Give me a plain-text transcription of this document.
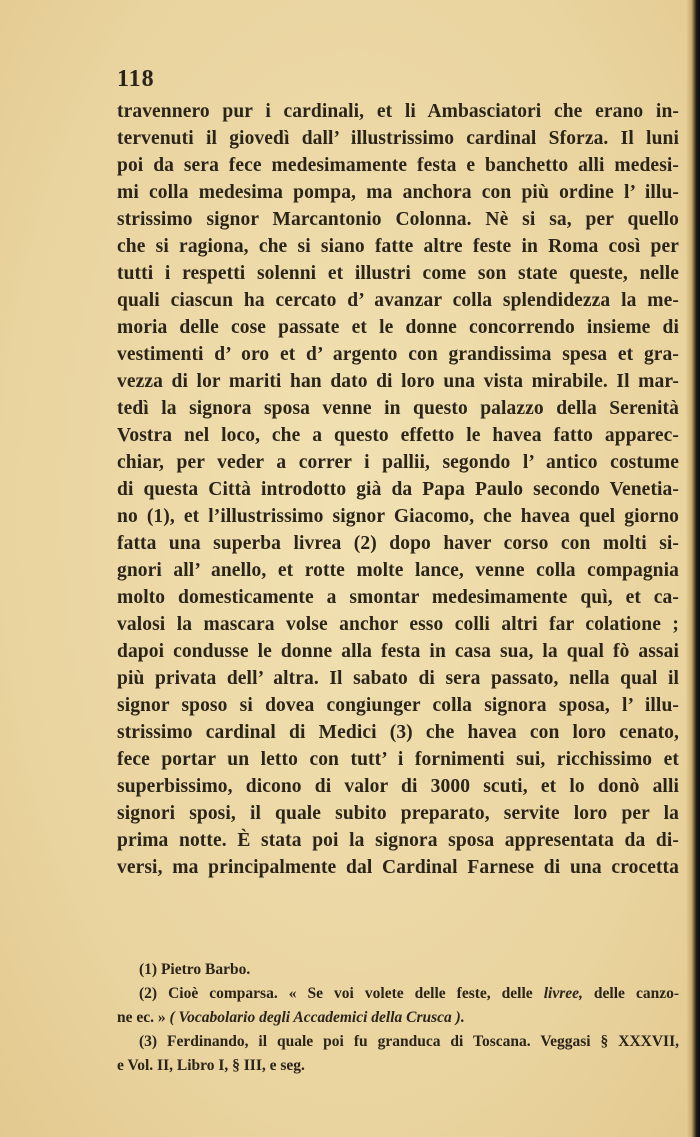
118
travennero pur i cardinali, et li Ambasciatori che erano in-
tervenuti il giovedì dall’ illustrissimo cardinal Sforza. Il luni
poi da sera fece medesimamente festa e banchetto alli medesi-
mi colla medesima pompa, ma anchora con più ordine l’ illu-
strissimo signor Marcantonio Colonna. Nè si sa, per quello
che si ragiona, che si siano fatte altre feste in Roma così per
tutti i respetti solenni et illustri come son state queste, nelle
quali ciascun ha cercato d’ avanzar colla splendidezza la me-
moria delle cose passate et le donne concorrendo insieme di
vestimenti d’ oro et d’ argento con grandissima spesa et gra-
vezza di lor mariti han dato di loro una vista mirabile. Il mar-
tedì la signora sposa venne in questo palazzo della Serenità
Vostra nel loco, che a questo effetto le havea fatto apparec-
chiar, per veder a correr i pallii, segondo l’ antico costume
di questa Città introdotto già da Papa Paulo secondo Venetia-
no (1), et l’illustrissimo signor Giacomo, che havea quel giorno
fatta una superba livrea (2) dopo haver corso con molti si-
gnori all’ anello, et rotte molte lance, venne colla compagnia
molto domesticamente a smontar medesimamente quì, et ca-
valosi la mascara volse anchor esso colli altri far colatione ;
dapoi condusse le donne alla festa in casa sua, la qual fò assai
più privata dell’ altra. Il sabato di sera passato, nella qual il
signor sposo si dovea congiunger colla signora sposa, l’ illu-
strissimo cardinal di Medici (3) che havea con loro cenato,
fece portar un letto con tutt’ i fornimenti sui, ricchissimo et
superbissimo, dicono di valor di 3000 scuti, et lo donò alli
signori sposi, il quale subito preparato, servite loro per la
prima notte. È stata poi la signora sposa appresentata da di-
versi, ma principalmente dal Cardinal Farnese di una crocetta
(1) Pietro Barbo.
(2) Cioè comparsa. « Se voi volete delle feste, delle livree, delle canzo-
ne ec. » ( Vocabolario degli Accademici della Crusca ).
(3) Ferdinando, il quale poi fu granduca di Toscana. Veggasi § XXXVII,
e Vol. II, Libro I, § III, e seg.
